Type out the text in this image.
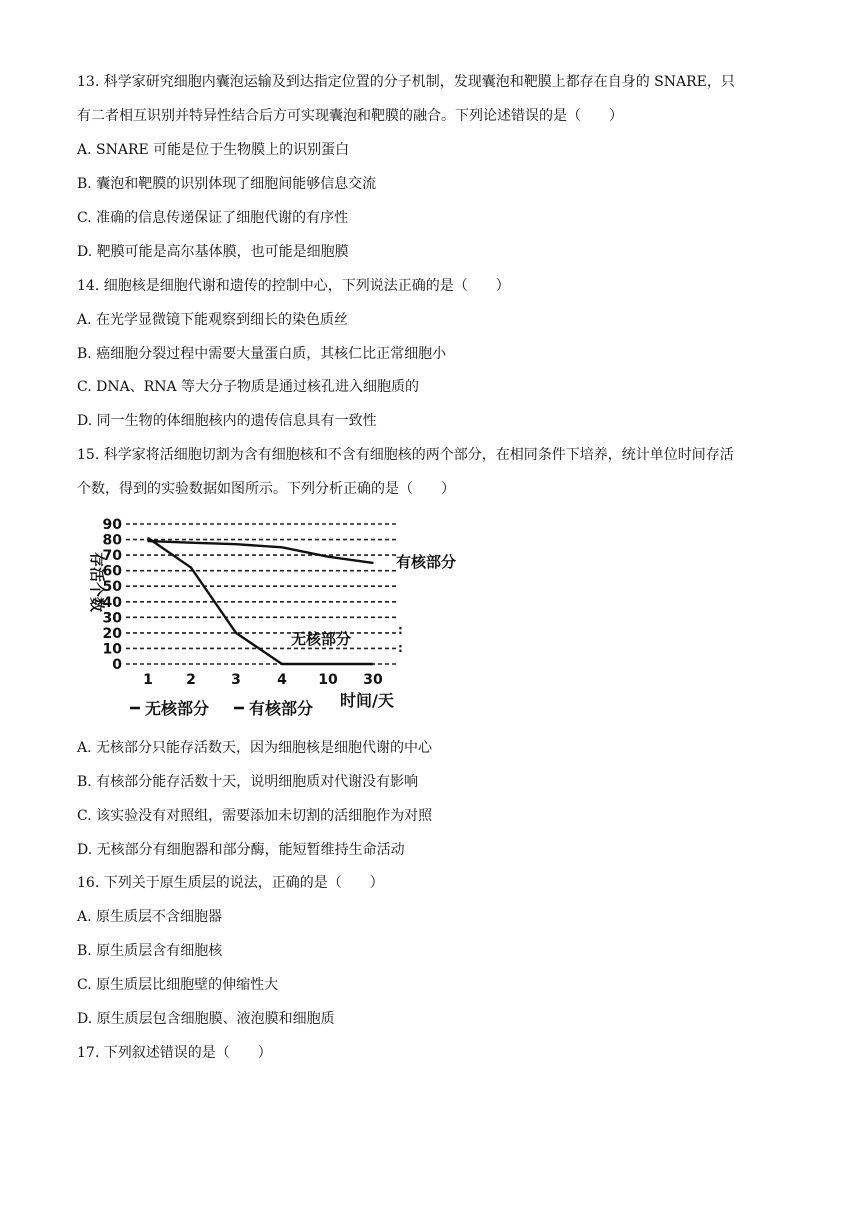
13. 科学家研究细胞内囊泡运输及到达指定位置的分子机制，发现囊泡和靶膜上都存在自身的 SNARE，只
有二者相互识别并特异性结合后方可实现囊泡和靶膜的融合。下列论述错误的是（　　）
A. SNARE 可能是位于生物膜上的识别蛋白
B. 囊泡和靶膜的识别体现了细胞间能够信息交流
C. 准确的信息传递保证了细胞代谢的有序性
D. 靶膜可能是高尔基体膜，也可能是细胞膜
14. 细胞核是细胞代谢和遗传的控制中心，下列说法正确的是（　　）
A. 在光学显微镜下能观察到细长的染色质丝
B. 癌细胞分裂过程中需要大量蛋白质，其核仁比正常细胞小
C. DNA、RNA 等大分子物质是通过核孔进入细胞质的
D. 同一生物的体细胞核内的遗传信息具有一致性
15. 科学家将活细胞切割为含有细胞核和不含有细胞核的两个部分，在相同条件下培养，统计单位时间存活
个数，得到的实验数据如图所示。下列分析正确的是（　　）
0
10
20
30
40
50
60
70
80
90
1 2	3	4 10 30
存活个数
时间/天
有核部分
无核部分	:
:
无核部分 有核部分
A. 无核部分只能存活数天，因为细胞核是细胞代谢的中心
B. 有核部分能存活数十天，说明细胞质对代谢没有影响
C. 该实验没有对照组，需要添加未切割的活细胞作为对照
D. 无核部分有细胞器和部分酶，能短暂维持生命活动
16. 下列关于原生质层的说法，正确的是（　　）
A. 原生质层不含细胞器
B. 原生质层含有细胞核
C. 原生质层比细胞壁的伸缩性大
D. 原生质层包含细胞膜、液泡膜和细胞质
17. 下列叙述错误的是（　　）
